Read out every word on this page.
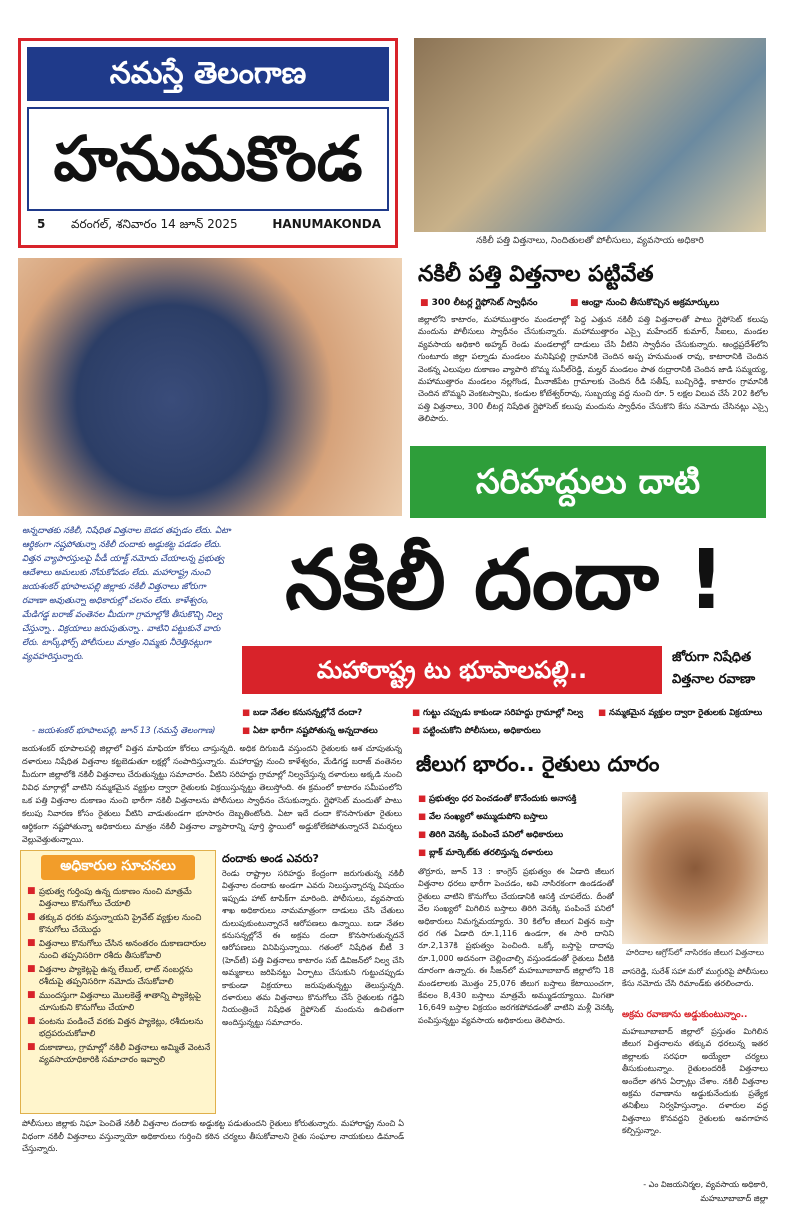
నమస్తే తెలంగాణ
హనుమకొండ
5 వరంగల్, శనివారం 14 జూన్ 2025	HANUMAKONDA
నకిలీ పత్తి విత్తనాలు, నిందితులతో పోలీసులు, వ్యవసాయ అధికారి
నకిలీ పత్తి విత్తనాల పట్టివేత
■ 300 లీటర్ల గ్లైఫోసెట్ స్వాధీనం	■ ఆంధ్రా నుంచి తీసుకొచ్చిన అక్రమార్కులు
జిల్లాలోని కాటారం, మహాముత్తారం మండలాల్లో పెద్ద ఎత్తున నకిలీ పత్తి విత్తనాలతో పాటు గ్లైఫోసెట్ కలుపు మందును పోలీసులు స్వాధీనం చేసుకున్నారు. మహాముత్తారం ఎస్సై మహేందర్ కుమార్, సీఐలు, మండల వ్యవసాయ అధికారి అహ్మద్ రెండు మండలాల్లో దాడులు చేసి వీటిని స్వాధీనం చేసుకున్నారు. ఆంధ్రప్రదేశ్‌లోని గుంటూరు జిల్లా పల్నాడు మండలం మనిషిపల్లి గ్రామానికి చెందిన అప్ప హనుమంత రావు, కాటారానికి చెందిన వెంకన్న ఎలుపుల దుకాణం వ్యాపారి బొమ్మ సునీల్‌రెడ్డి, మల్హర్ మండలం పాత రుద్రారానికి చెందిన జాడి సమ్మయ్య, మహాముత్తారం మండలం నల్లగొండ, మీనాజీపేట గ్రామాలకు చెందిన రీడి సతీష్, బుచ్చిరెడ్డి, కాటారం గ్రామానికి చెందిన బొమ్మని వెంకటస్వామి, కండుల కోటేశ్వర్‌రావు, సుబ్బయ్య వద్ద నుంచి రూ. 5 లక్షల విలువ చేసే 202 కిలోల పత్తి విత్తనాలు, 300 లీటర్ల నిషేధిత గ్లైఫోసెట్ కలుపు మందును స్వాధీనం చేసుకొని కేసు నమోదు చేసినట్లు ఎస్సై తెలిపారు.
సరిహద్దులు దాటి
అన్నదాతకు నకిలీ, నిషేధిత విత్తనాల బెడద తప్పడం లేదు. ఏటా ఆర్థికంగా నష్టపోతున్నా నకిలీ దందాకు అడ్డుకట్ట పడడం లేదు. విత్తన వ్యాపారస్తులపై పీడీ యాక్ట్ నమోదు చేయాలన్న ప్రభుత్వ ఆదేశాలు అమలుకు నోచుకోవడం లేదు. మహారాష్ట్ర నుంచి జయశంకర్ భూపాలపల్లి జిల్లాకు నకిలీ విత్తనాలు జోరుగా రవాణా అవుతున్నా అధికారుల్లో చలనం లేదు. కాళేశ్వరం, మేడిగడ్డ బరాజ్ వంతెనల మీదుగా గ్రామాల్లోకి తీసుకొచ్చి నిల్వ చేస్తున్నా.. విక్రయాలు జరుపుతున్నా.. వాటిని పట్టుకునే వారు లేరు. టాస్క్‌ఫోర్స్ పోలీసులు మాత్రం నిమ్మకు నీరెత్తినట్లుగా వ్యవహరిస్తున్నారు.
- జయశంకర్ భూపాలపల్లి, జూన్ 13 (నమస్తే తెలంగాణ)
నకిలీ దందా !
మహారాష్ట్ర టు భూపాలపల్లి..	జోరుగా నిషేధిత
విత్తనాల రవాణా
■ బడా నేతల కనుసన్నల్లోనే దందా?	■ గుట్టు చప్పుడు కాకుండా సరిహద్దు గ్రామాల్లో నిల్వ	■ నమ్మకమైన వ్యక్తుల ద్వారా రైతులకు విక్రయాలు
■ ఏటా భారీగా నష్టపోతున్న అన్నదాతలు	■ పట్టించుకోని పోలీసులు, అధికారులు
జయశంకర్ భూపాలపల్లి జిల్లాలో విత్తన మాఫియా కోరలు చాస్తున్నది. అధిక దిగుబడి వస్తుందని రైతులకు ఆశ చూపుతున్న దళారులు నిషేధిత విత్తనాల కట్టబెడుతూ లక్షల్లో సంపాదిస్తున్నారు. మహారాష్ట్ర నుంచి కాళేశ్వరం, మేడిగడ్డ బరాజ్ వంతెనల మీదుగా జిల్లాలోకి నకిలీ విత్తనాలు చేరుతున్నట్టు సమాచారం. వీటిని సరిహద్దు గ్రామాల్లో నిల్వచేస్తున్న దళారులు అక్కడి నుంచి వివిధ మార్గాల్లో వాటిని నమ్మకమైన వ్యక్తుల ద్వారా రైతులకు విక్రయిస్తున్నట్టు తెలుస్తోంది. ఈ క్రమంలో కాటారం సమీపంలోని ఒక పత్తి విత్తనాల దుకాణం నుంచి భారీగా నకిలీ విత్తనాలను పోలీసులు స్వాధీనం చేసుకున్నారు. గ్లైఫోసెట్ మందుతో పాటు కలుపు నివారణ కోసం రైతులు వీటిని వాడుతుండగా భూసారం దెబ్బతింటోంది. ఏటా ఇదే దందా కొనసాగుతూ రైతులు ఆర్థికంగా నష్టపోతున్నా అధికారులు మాత్రం నకిలీ విత్తనాల వ్యాపారాన్ని పూర్తి స్థాయిలో అడ్డుకోలేకపోతున్నారనే విమర్శలు వెల్లువెత్తుతున్నాయి.
అధికారుల సూచనలు
■ ప్రభుత్వ గుర్తింపు ఉన్న దుకాణం నుంచి మాత్రమే విత్తనాలు కొనుగోలు చేయాలి
■ తక్కువ ధరకు వస్తున్నాయని ప్రైవేట్ వ్యక్తుల నుంచి కొనుగోలు చేయొద్దు
■ విత్తనాలు కొనుగోలు చేసిన అనంతరం దుకాణదారుల నుంచి తప్పనిసరిగా రశీదు తీసుకోవాలి
■ విత్తనాల ప్యాకెట్లపై ఉన్న లేబుల్, లాట్ నంబర్లను రశీదుపై తప్పనిసరిగా నమోదు చేసుకోవాలి
■ ముందస్తుగా విత్తనాలు మొలకెత్తే శాతాన్ని ప్యాకెట్లపై చూసుకుని కొనుగోలు చేయాలి
■ పంటను పండించే వరకు విత్తన ప్యాకెట్లు, రశీదులను భద్రపరుచుకోవాలి
■ దుకాణాలు, గ్రామాల్లో నకిలీ విత్తనాలు అమ్మితే వెంటనే వ్యవసాయాధికారికి సమాచారం ఇవ్వాలి
దందాకు అండ ఎవరు?
రెండు రాష్ట్రాల సరిహద్దు కేంద్రంగా జరుగుతున్న నకిలీ విత్తనాల దందాకు అండగా ఎవరు నిలుస్తున్నారన్న విషయం ఇప్పుడు హాట్ టాపిక్‌గా మారింది. పోలీసులు, వ్యవసాయ శాఖ అధికారులు నామమాత్రంగా దాడులు చేసి చేతులు దులుపుకుంటున్నారనే ఆరోపణలు ఉన్నాయి. బడా నేతల కనుసన్నల్లోనే ఈ అక్రమ దందా కొనసాగుతున్నదనే ఆరోపణలు వినిపిస్తున్నాయి. గతంలో నిషేధిత బీటీ 3 (హెచ్‌టీ) పత్తి విత్తనాలు కాటారం సబ్ డివిజన్‌లో నిల్వ చేసి అమ్మకాలు జరిపినట్టు ఏర్పాటు చేసుకుని గుట్టుచప్పుడు కాకుండా విక్రయాలు జరుపుతున్నట్టు తెలుస్తున్నది. దళారులు తమ విత్తనాలు కొనుగోలు చేసే రైతులకు గడ్డిని నియంత్రించే నిషేధిత గ్లైఫోసెట్ మందును ఉచితంగా అందిస్తున్నట్టు సమాచారం.
పోలీసులు జిల్లాకు నిఘా పెంచితే నకిలీ విత్తనాల దందాకు అడ్డుకట్ట పడుతుందని రైతులు కోరుతున్నారు. మహారాష్ట్ర నుంచి ఏ విధంగా నకిలీ విత్తనాలు వస్తున్నాయో అధికారులు గుర్తించి కఠిన చర్యలు తీసుకోవాలని రైతు సంఘాల నాయకులు డిమాండ్ చేస్తున్నారు.
జీలుగ భారం.. రైతులు దూరం
■ ప్రభుత్వం ధర పెంచడంతో కొనేందుకు అనాసక్తి
■ వేల సంఖ్యలో అమ్ముడుపోని బస్తాలు
■ తిరిగి వెనక్కి పంపించే పనిలో అధికారులు
■ బ్లాక్ మార్కెట్‌కు తరలిస్తున్న దళారులు
తొర్రూరు, జూన్ 13 : కాంగ్రెస్ ప్రభుత్వం ఈ ఏడాది జీలుగ విత్తనాల ధరలు భారీగా పెంచడం, అవి నాసిరకంగా ఉండడంతో రైతులు వాటిని కొనుగోలు చేయడానికి ఆసక్తి చూపలేదు. దీంతో వేల సంఖ్యలో మిగిలిన బస్తాలు తిరిగి వెనక్కి పంపించే పనిలో అధికారులు నిమగ్నమయ్యారు. 30 కిలోల జీలుగ విత్తన బస్తా ధర గత ఏడాది రూ.1,116 ఉండగా, ఈ సారి దానిని రూ.2,137కి ప్రభుత్వం పెంచింది. ఒక్కో బస్తాపై దాదాపు రూ.1,000 అదనంగా చెల్లించాల్సి వస్తుండడంతో రైతులు వీటికి దూరంగా ఉన్నారు. ఈ సీజన్‌లో మహబూబాబాద్ జిల్లాలోని 18 మండలాలకు మొత్తం 25,076 జీలుగ బస్తాలు కేటాయించగా, కేవలం 8,430 బస్తాలు మాత్రమే అమ్ముడయ్యాయి. మిగతా 16,649 బస్తాల విక్రయం జరగకపోవడంతో వాటిని మళ్లీ వెనక్కి పంపిస్తున్నట్టు వ్యవసాయ అధికారులు తెలిపారు.
హరిదాల ఆగ్రోస్‌లో నాసిరకం జీలుగ విత్తనాలు
వాసరెడ్డి, సురేశ్ సహా మరో ముగ్గురిపై పోలీసులు కేసు నమోదు చేసి రిమాండ్‌కు తరలించారు.
అక్రమ రవాణాను అడ్డుకుంటున్నాం..
మహబూబాబాద్ జిల్లాలో ప్రస్తుతం మిగిలిన జీలుగ విత్తనాలను తక్కువ ధరలున్న ఇతర జిల్లాలకు సరఫరా అయ్యేలా చర్యలు తీసుకుంటున్నాం. రైతులందరికీ విత్తనాలు అందేలా తగిన ఏర్పాట్లు చేశాం. నకిలీ విత్తనాల అక్రమ రవాణాను అడ్డుకునేందుకు ప్రత్యేక తనిఖీలు నిర్వహిస్తున్నాం. దళారుల వద్ద విత్తనాలు కొనవద్దని రైతులకు అవగాహన కల్పిస్తున్నాం.
- ఎం విజయనిర్మల, వ్యవసాయ అధికారి,
మహబూబాబాద్ జిల్లా
